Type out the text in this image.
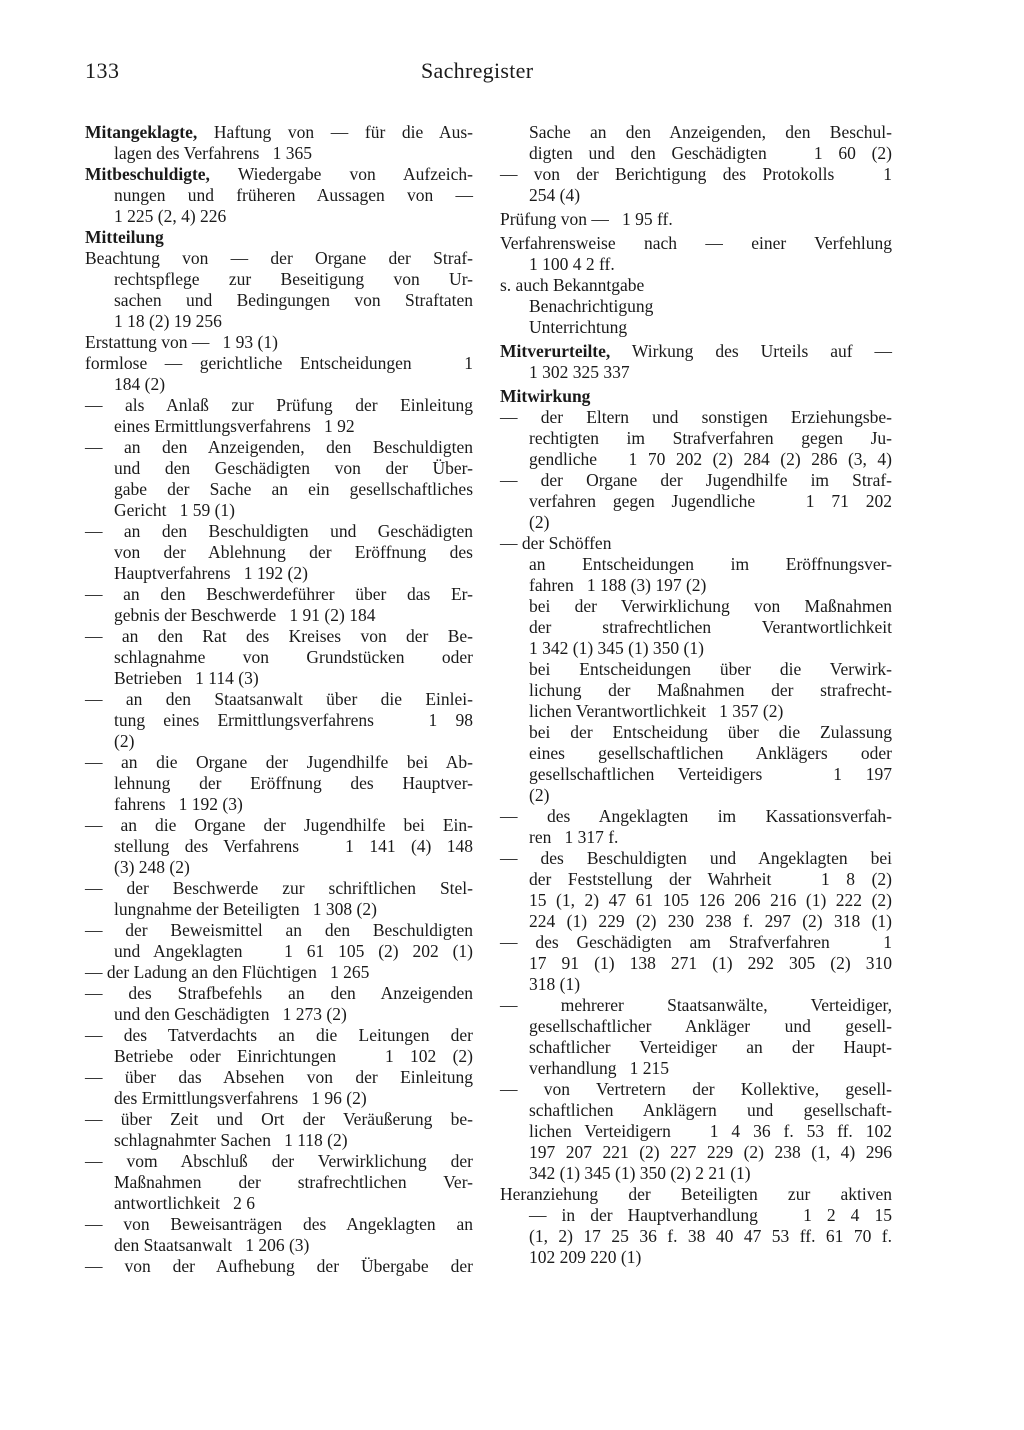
133	Sachregister
Mitangeklagte, Haftung von — für die Aus-
lagen des Verfahrens   1 365
Mitbeschuldigte, Wiedergabe von Aufzeich-
nungen und früheren Aussagen von —
1 225 (2, 4) 226
Mitteilung
Beachtung von — der Organe der Straf-
rechtspflege zur Beseitigung von Ur-
sachen und Bedingungen von Straftaten
1 18 (2) 19 256
Erstattung von —   1 93 (1)
formlose — gerichtliche Entscheidungen   1
184 (2)
— als Anlaß zur Prüfung der Einleitung
eines Ermittlungsverfahrens   1 92
— an den Anzeigenden, den Beschuldigten
und den Geschädigten von der Über-
gabe der Sache an ein gesellschaftliches
Gericht   1 59 (1)
— an den Beschuldigten und Geschädigten
von der Ablehnung der Eröffnung des
Hauptverfahrens   1 192 (2)
— an den Beschwerdeführer über das Er-
gebnis der Beschwerde   1 91 (2) 184
— an den Rat des Kreises von der Be-
schlagnahme von Grundstücken oder
Betrieben   1 114 (3)
— an den Staatsanwalt über die Einlei-
tung eines Ermittlungsverfahrens   1 98
(2)
— an die Organe der Jugendhilfe bei Ab-
lehnung der Eröffnung des Hauptver-
fahrens   1 192 (3)
— an die Organe der Jugendhilfe bei Ein-
stellung des Verfahrens   1 141 (4) 148
(3) 248 (2)
— der Beschwerde zur schriftlichen Stel-
lungnahme der Beteiligten   1 308 (2)
— der Beweismittel an den Beschuldigten
und Angeklagten   1 61 105 (2) 202 (1)
— der Ladung an den Flüchtigen   1 265
— des Strafbefehls an den Anzeigenden
und den Geschädigten   1 273 (2)
— des Tatverdachts an die Leitungen der
Betriebe oder Einrichtungen   1 102 (2)
— über das Absehen von der Einleitung
des Ermittlungsverfahrens   1 96 (2)
— über Zeit und Ort der Veräußerung be-
schlagnahmter Sachen   1 118 (2)
— vom Abschluß der Verwirklichung der
Maßnahmen der strafrechtlichen Ver-
antwortlichkeit   2 6
— von Beweisanträgen des Angeklagten an
den Staatsanwalt   1 206 (3)
— von der Aufhebung der Übergabe der
Sache an den Anzeigenden, den Beschul-
digten und den Geschädigten   1 60 (2)
— von der Berichtigung des Protokolls   1
254 (4)
Prüfung von —   1 95 ff.
Verfahrensweise nach — einer Verfehlung
1 100 4 2 ff.
s. auch Bekanntgabe
Benachrichtigung
Unterrichtung
Mitverurteilte, Wirkung des Urteils auf —
1 302 325 337
Mitwirkung
— der Eltern und sonstigen Erziehungsbe-
rechtigten im Strafverfahren gegen Ju-
gendliche   1 70 202 (2) 284 (2) 286 (3, 4)
— der Organe der Jugendhilfe im Straf-
verfahren gegen Jugendliche   1 71 202
(2)
— der Schöffen
an Entscheidungen im Eröffnungsver-
fahren   1 188 (3) 197 (2)
bei der Verwirklichung von Maßnahmen
der strafrechtlichen Verantwortlichkeit
1 342 (1) 345 (1) 350 (1)
bei Entscheidungen über die Verwirk-
lichung der Maßnahmen der strafrecht-
lichen Verantwortlichkeit   1 357 (2)
bei der Entscheidung über die Zulassung
eines gesellschaftlichen Anklägers oder
gesellschaftlichen Verteidigers   1 197
(2)
— des Angeklagten im Kassationsverfah-
ren   1 317 f.
— des Beschuldigten und Angeklagten bei
der Feststellung der Wahrheit   1 8 (2)
15 (1, 2) 47 61 105 126 206 216 (1) 222 (2)
224 (1) 229 (2) 230 238 f. 297 (2) 318 (1)
— des Geschädigten am Strafverfahren   1
17 91 (1) 138 271 (1) 292 305 (2) 310
318 (1)
— mehrerer Staatsanwälte, Verteidiger,
gesellschaftlicher Ankläger und gesell-
schaftlicher Verteidiger an der Haupt-
verhandlung   1 215
— von Vertretern der Kollektive, gesell-
schaftlichen Anklägern und gesellschaft-
lichen Verteidigern   1 4 36 f. 53 ff. 102
197 207 221 (2) 227 229 (2) 238 (1, 4) 296
342 (1) 345 (1) 350 (2) 2 21 (1)
Heranziehung der Beteiligten zur aktiven
— in der Hauptverhandlung   1 2 4 15
(1, 2) 17 25 36 f. 38 40 47 53 ff. 61 70 f.
102 209 220 (1)
